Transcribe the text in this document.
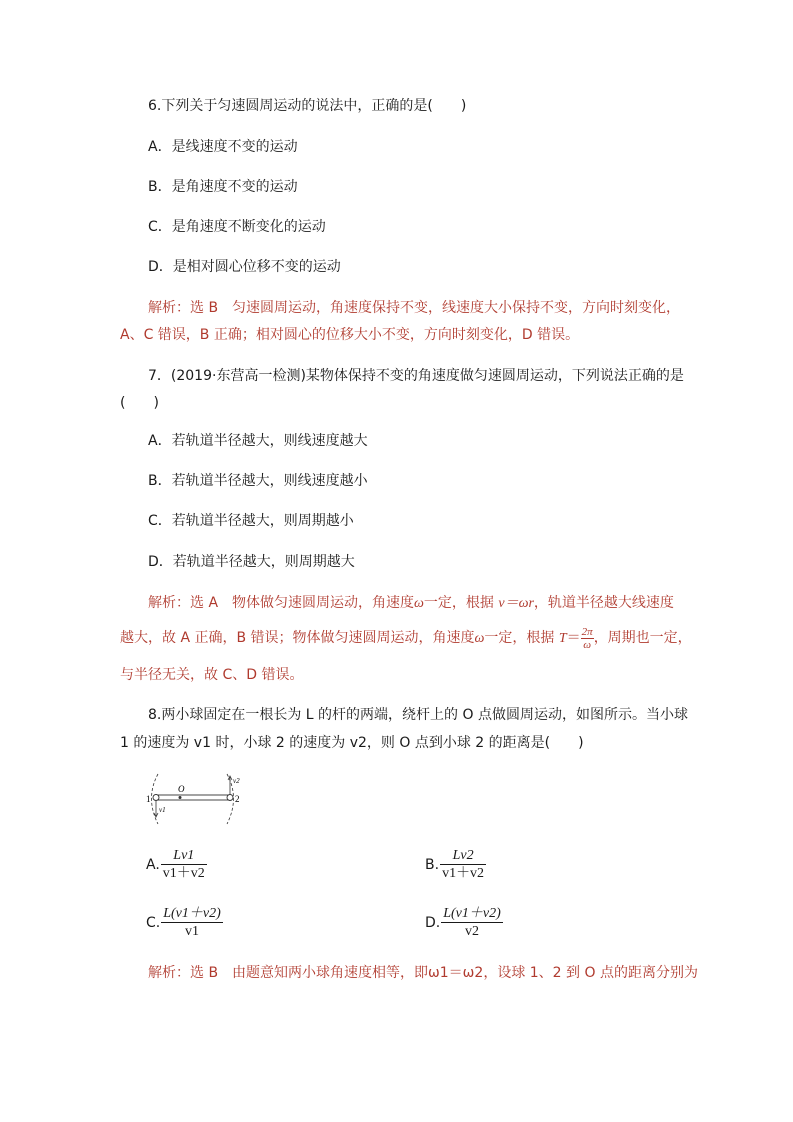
6.下列关于匀速圆周运动的说法中，正确的是(　　)
A．是线速度不变的运动
B．是角速度不变的运动
C．是角速度不断变化的运动
D．是相对圆心位移不变的运动
解析：选 B　匀速圆周运动，角速度保持不变，线速度大小保持不变，方向时刻变化，
A、C 错误，B 正确；相对圆心的位移大小不变，方向时刻变化，D 错误。
7．(2019·东营高一检测)某物体保持不变的角速度做匀速圆周运动，下列说法正确的是
(　　)
A．若轨道半径越大，则线速度越大
B．若轨道半径越大，则线速度越小
C．若轨道半径越大，则周期越小
D．若轨道半径越大，则周期越大
解析：选 A　物体做匀速圆周运动，角速度ω一定，根据 v＝ωr，轨道半径越大线速度
越大，故 A 正确，B 错误；物体做匀速圆周运动，角速度ω一定，根据 $T= \frac{2\pi}{\omega}$ ，周期也一定，
与半径无关，故 C、D 错误。
8.两小球固定在一根长为 L 的杆的两端，绕杆上的 O 点做圆周运动，如图所示。当小球
1 的速度为 v1 时，小球 2 的速度为 v2，则 O 点到小球 2 的距离是(　　)
1	2
O
v1
v2
A. $\frac{Lv1}{v1+v2}$	B. $\frac{Lv2}{v1+v2}$
C. $\frac{L(v1+v2)}{v1}$	D. $\frac{L(v1+v2)}{v2}$
解析：选 B　由题意知两小球角速度相等，即ω1＝ω2，设球 1、2 到 O 点的距离分别为
